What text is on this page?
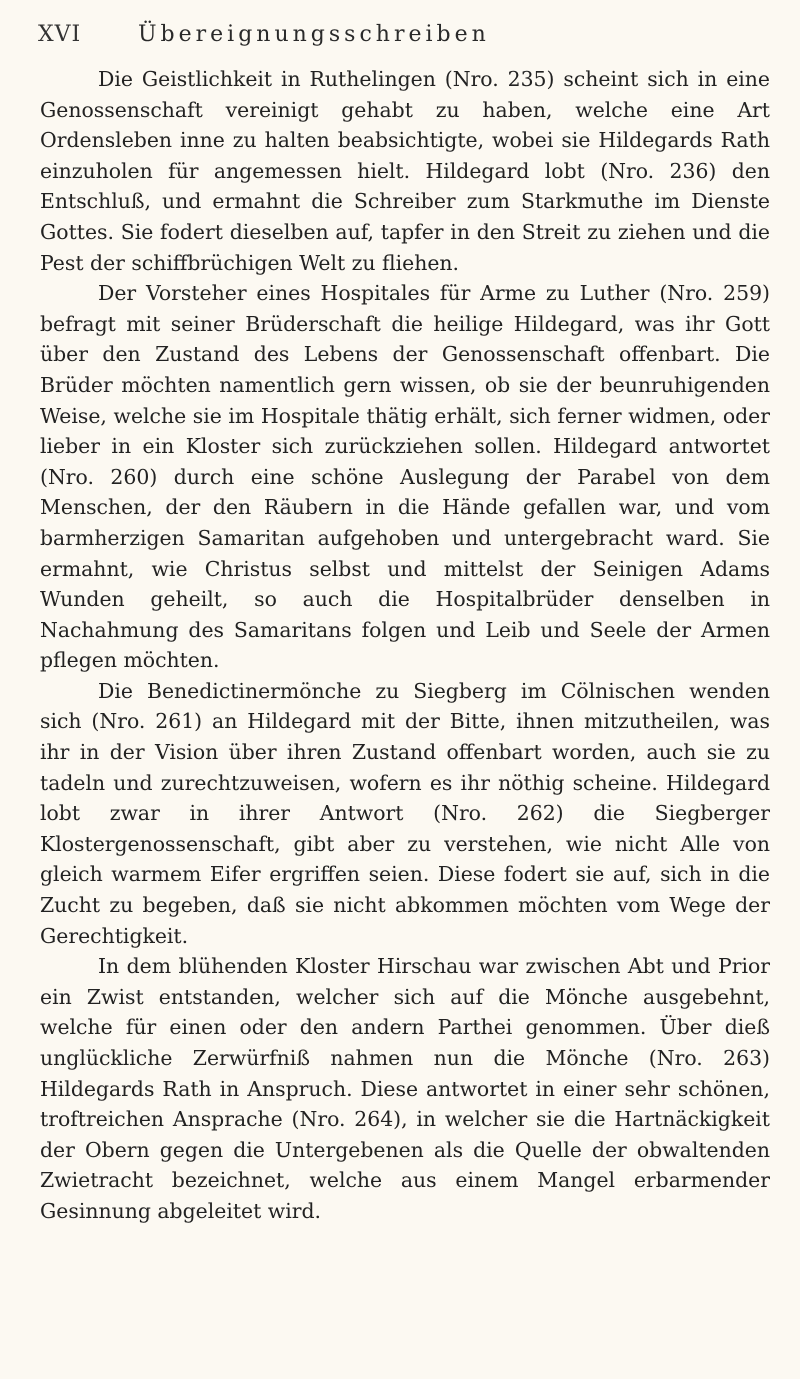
XVI	Übereignungsschreiben

Die Geistlichkeit in Ruthelingen (Nro. 235) scheint sich in eine Genossenschaft vereinigt gehabt zu haben, welche eine Art Ordensleben inne zu halten beabsichtigte, wobei sie Hildegards Rath einzuholen für angemessen hielt. Hildegard lobt (Nro. 236) den Entschluß, und ermahnt die Schreiber zum Starkmuthe im Dienste Gottes. Sie fodert dieselben auf, tapfer in den Streit zu ziehen und die Pest der schiffbrüchigen Welt zu fliehen.

Der Vorsteher eines Hospitales für Arme zu Luther (Nro. 259) befragt mit seiner Brüderschaft die heilige Hildegard, was ihr Gott über den Zustand des Lebens der Genossenschaft offenbart. Die Brüder möchten namentlich gern wissen, ob sie der beunruhigenden Weise, welche sie im Hospitale thätig erhält, sich ferner widmen, oder lieber in ein Kloster sich zurückziehen sollen. Hildegard antwortet (Nro. 260) durch eine schöne Auslegung der Parabel von dem Menschen, der den Räubern in die Hände gefallen war, und vom barmherzigen Samaritan aufgehoben und untergebracht ward. Sie ermahnt, wie Christus selbst und mittelst der Seinigen Adams Wunden geheilt, so auch die Hospitalbrüder denselben in Nachahmung des Samaritans folgen und Leib und Seele der Armen pflegen möchten.

Die Benedictinermönche zu Siegberg im Cölnischen wenden sich (Nro. 261) an Hildegard mit der Bitte, ihnen mitzutheilen, was ihr in der Vision über ihren Zustand offenbart worden, auch sie zu tadeln und zurechtzuweisen, wofern es ihr nöthig scheine. Hildegard lobt zwar in ihrer Antwort (Nro. 262) die Siegberger Klostergenossenschaft, gibt aber zu verstehen, wie nicht Alle von gleich warmem Eifer ergriffen seien. Diese fodert sie auf, sich in die Zucht zu begeben, daß sie nicht abkommen möchten vom Wege der Gerechtigkeit.

In dem blühenden Kloster Hirschau war zwischen Abt und Prior ein Zwist entstanden, welcher sich auf die Mönche ausgebehnt, welche für einen oder den andern Parthei genommen. Über dieß unglückliche Zerwürfniß nahmen nun die Mönche (Nro. 263) Hildegards Rath in Anspruch. Diese antwortet in einer sehr schönen, troftreichen Ansprache (Nro. 264), in welcher sie die Hartnäckigkeit der Obern gegen die Untergebenen als die Quelle der obwaltenden Zwietracht bezeichnet, welche aus einem Mangel erbarmender Gesinnung abgeleitet wird.
